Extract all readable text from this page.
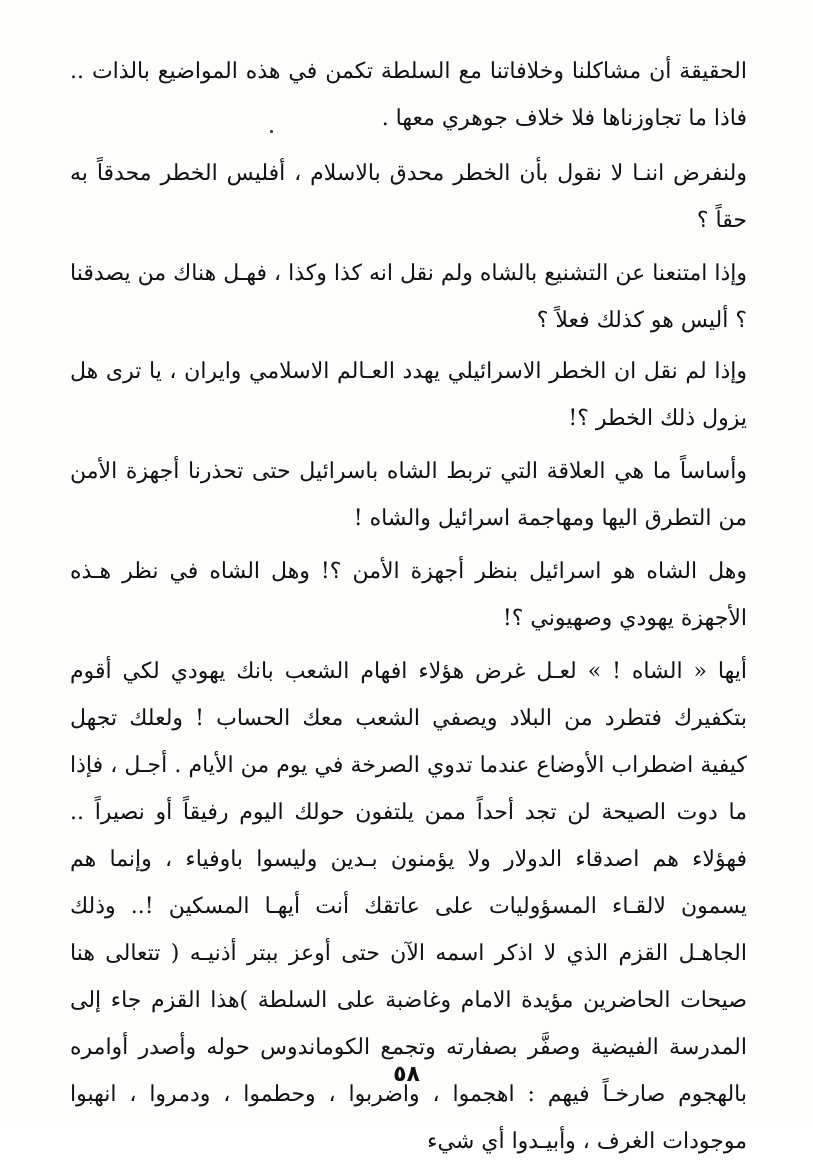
الحقيقة أن مشاكلنا وخلافاتنا مع السلطة تكمن في هذه المواضيع بالذات .. فاذا ما تجاوزناها فلا خلاف جوهري معها .

ولنفرض اننـا لا نقول بأن الخطر محدق بالاسلام ، أفليس الخطر محدقاً به حقاً ؟

وإذا امتنعنا عن التشنيع بالشاه ولم نقل انه كذا وكذا ، فهـل هناك من يصدقنا ؟ أليس هو كذلك فعلاً ؟

وإذا لم نقل ان الخطر الاسرائيلي يهدد العـالم الاسلامي وايران ، يا ترى هل يزول ذلك الخطر ؟!

وأساساً ما هي العلاقة التي تربط الشاه باسرائيل حتى تحذرنا أجهزة الأمن من التطرق اليها ومهاجمة اسرائيل والشاه !

وهل الشاه هو اسرائيل بنظر أجهزة الأمن ؟! وهل الشاه في نظر هـذه الأجهزة يهودي وصهيوني ؟!

أيها « الشاه ! » لعـل غرض هؤلاء افهام الشعب بانك يهودي لكي أقوم بتكفيرك فتطرد من البلاد ويصفي الشعب معك الحساب ! ولعلك تجهل كيفية اضطراب الأوضاع عندما تدوي الصرخة في يوم من الأيام . أجـل ، فإذا ما دوت الصيحة لن تجد أحداً ممن يلتفون حولك اليوم رفيقاً أو نصيراً .. فهؤلاء هم اصدقاء الدولار ولا يؤمنون بـدين وليسوا باوفياء ، وإنما هم يسمون لالقـاء المسؤوليات على عاتقك أنت أيهـا المسكين !.. وذلك الجاهـل القزم الذي لا اذكر اسمه الآن حتى أوعز ببتر أذنيـه ( تتعالى هنا صيحات الحاضرين مؤيدة الامام وغاضبة على السلطة )هذا القزم جاء إلى المدرسة الفيضية وصفَّر بصفارته وتجمع الكوماندوس حوله وأصدر أوامره بالهجوم صارخـاً فيهم : اهجموا ، واضربوا ، وحطموا ، ودمروا ، انهبوا موجودات الغرف ، وأبيـدوا أي شيء

٥٨
